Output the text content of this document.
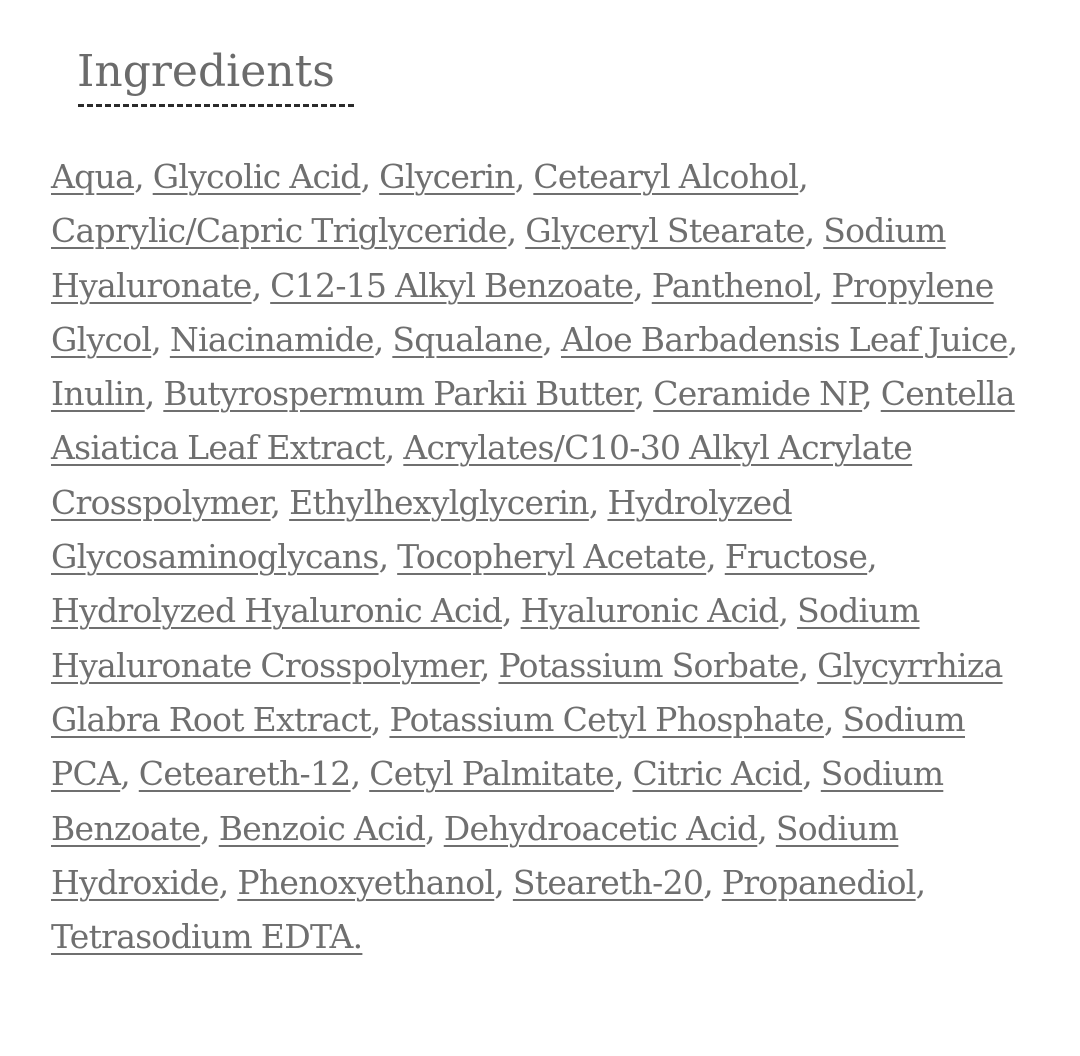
Ingredients

Aqua, Glycolic Acid, Glycerin, Cetearyl Alcohol, Caprylic/Capric Triglyceride, Glyceryl Stearate, Sodium Hyaluronate, C12-15 Alkyl Benzoate, Panthenol, Propylene Glycol, Niacinamide, Squalane, Aloe Barbadensis Leaf Juice, Inulin, Butyrospermum Parkii Butter, Ceramide NP, Centella Asiatica Leaf Extract, Acrylates/C10-30 Alkyl Acrylate Crosspolymer, Ethylhexylglycerin, Hydrolyzed Glycosaminoglycans, Tocopheryl Acetate, Fructose, Hydrolyzed Hyaluronic Acid, Hyaluronic Acid, Sodium Hyaluronate Crosspolymer, Potassium Sorbate, Glycyrrhiza Glabra Root Extract, Potassium Cetyl Phosphate, Sodium PCA, Ceteareth-12, Cetyl Palmitate, Citric Acid, Sodium Benzoate, Benzoic Acid, Dehydroacetic Acid, Sodium Hydroxide, Phenoxyethanol, Steareth-20, Propanediol, Tetrasodium EDTA.
